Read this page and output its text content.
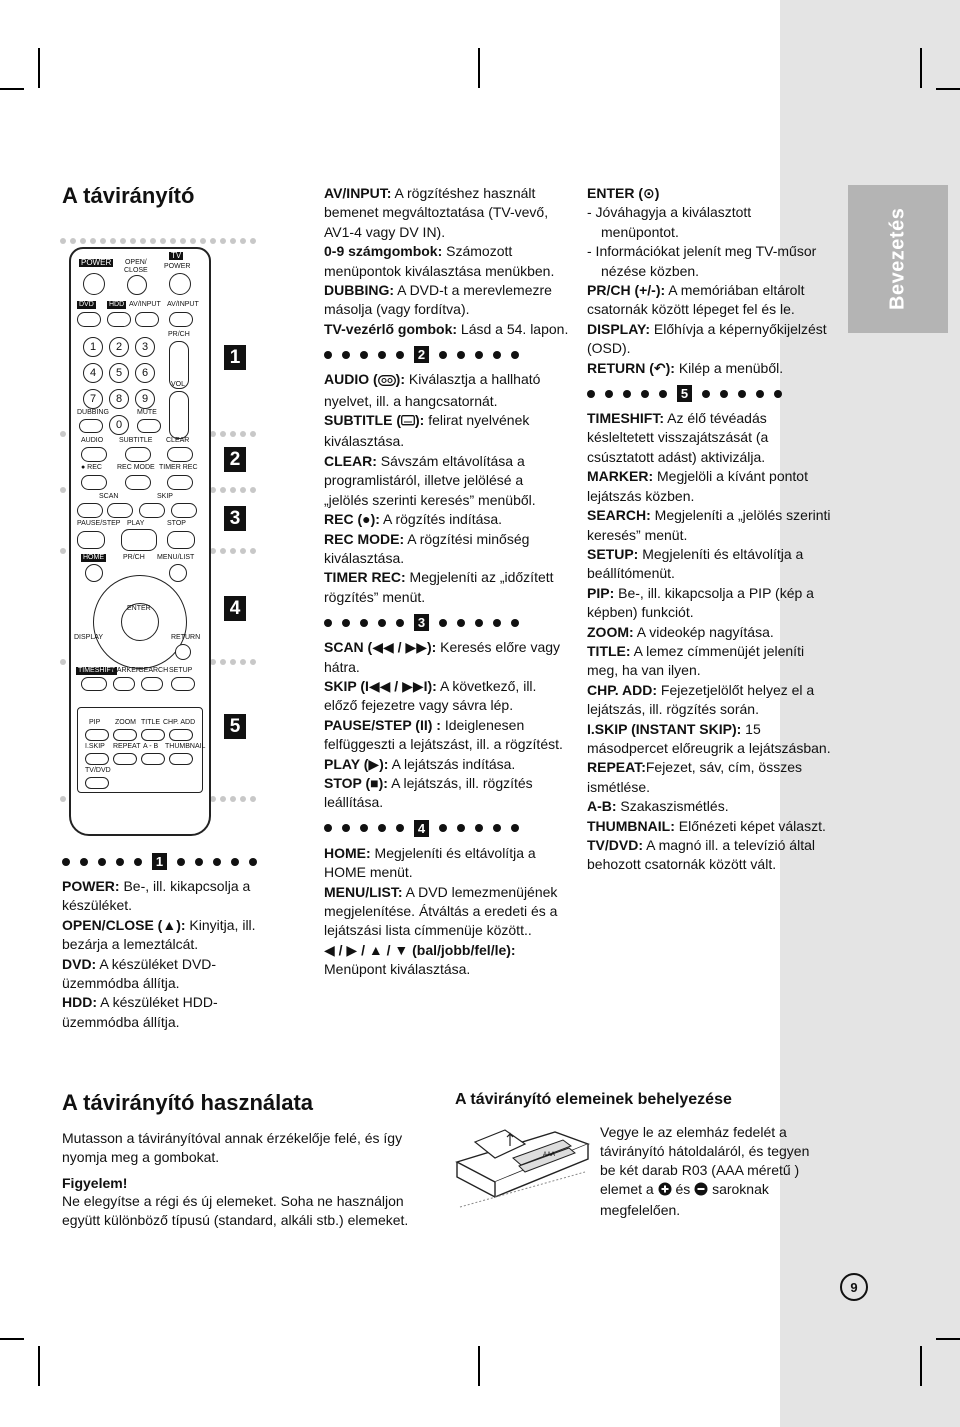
Bevezetés
A távirányító
POWER OPEN/
CLOSE
TV
POWER
DVD HDD AV/INPUT AV/INPUT
1	2	3
4	5	6
7	8	9
0
PR/CH
VOL
DUBBING	MUTE
AUDIO SUBTITLE CLEAR
● REC REC MODE TIMER REC
SCAN	SKIP
PAUSE/STEP PLAY	STOP
HOME	PR/CH MENU/LIST
ENTER
DISPLAY	RETURN
TIMESHIFT
MARKER
SEARCH SETUP
PIP ZOOM TITLE CHP. ADD
I.SKIP REPEAT A - B THUMBNAIL
TV/DVD
1
2
3
4
5
1

POWER: Be-, ill. kikapcsolja a készüléket.

OPEN/CLOSE (▲): Kinyitja, ill. bezárja a lemeztálcát.

DVD: A készüléket DVD-üzemmódba állítja.

HDD: A készüléket HDD-üzemmódba állítja.

AV/INPUT: A rögzítéshez használt bemenet megváltoztatása (TV-vevő, AV1-4 vagy DV IN).

0-9 számgombok: Számozott menüpontok kiválasztása menükben.

DUBBING: A DVD-t a merevlemezre másolja (vagy fordítva).

TV-vezérlő gombok: Lásd a 54. lapon.

2

AUDIO ( ): Kiválasztja a hallható nyelvet, ill. a hangcsatornát.

SUBTITLE ( ): felirat nyelvének kiválasztása.

CLEAR: Sávszám eltávolítása a programlistáról, illetve jelölésé a „jelölés szerinti keresés” menüből.

REC (●): A rögzítés indítása.

REC MODE: A rögzítési minőség kiválasztása.

TIMER REC: Megjeleníti az „időzített rögzítés” menüt.

3

SCAN (◀◀ / ▶▶): Keresés előre vagy hátra.

SKIP (I◀◀ / ▶▶I): A következő, ill. előző fejezetre vagy sávra lép.

PAUSE/STEP (II) : Ideiglenesen felfüggeszti a lejátszást, ill. a rögzítést.

PLAY (▶): A lejátszás indítása.

STOP (■): A lejátszás, ill. rögzítés leállítása.

4

HOME: Megjeleníti és eltávolítja a HOME menüt.

MENU/LIST: A DVD lemezmenüjének megjelenítése. Átváltás a eredeti és a lejátszási lista címmenüje között..

◀ / ▶ / ▲ / ▼ (bal/jobb/fel/le): Menüpont kiválasztása.

ENTER (⊙)

- Jóváhagyja a kiválasztott menüpontot.

- Információkat jelenít meg TV-műsor nézése közben.

PR/CH (+/-): A memóriában eltárolt csatornák között lépeget fel és le.

DISPLAY: Előhívja a képernyőkijelzést (OSD).

RETURN (↶): Kilép a menüből.

5

TIMESHIFT: Az élő tévéadás késleltetett visszajátszását (a csúsztatott adást) aktivizálja.

MARKER: Megjelöli a kívánt pontot lejátszás közben.

SEARCH: Megjeleníti a „jelölés szerinti keresés” menüt.

SETUP: Megjeleníti és eltávolítja a beállítómenüt.

PIP: Be-, ill. kikapcsolja a PIP (kép a képben) funkciót.

ZOOM: A videokép nagyítása.

TITLE: A lemez címmenüjét jeleníti meg, ha van ilyen.

CHP. ADD: Fejezetjelölőt helyez el a lejátszás, ill. rögzítés során.

I.SKIP (INSTANT SKIP): 15 másodpercet előreugrik a lejátszásban.

REPEAT:Fejezet, sáv, cím, összes ismétlése.

A-B: Szakaszismétlés.

THUMBNAIL: Előnézeti képet választ.

TV/DVD: A magnó ill. a televízió által behozott csatornák között vált.

A távirányító használata
Mutasson a távirányítóval annak érzékelője felé, és így nyomja meg a gombokat.
Figyelem!
Ne elegyítse a régi és új elemeket. Soha ne használjon együtt különböző típusú (standard, alkáli stb.) elemeket.
A távirányító elemeinek behelyezése
AAA
Vegye le az elemház fedelét a távirányító hátoldaláról, és tegyen be két darab R03 (AAA méretű ) elemet a és saroknak megfelelően.
9
